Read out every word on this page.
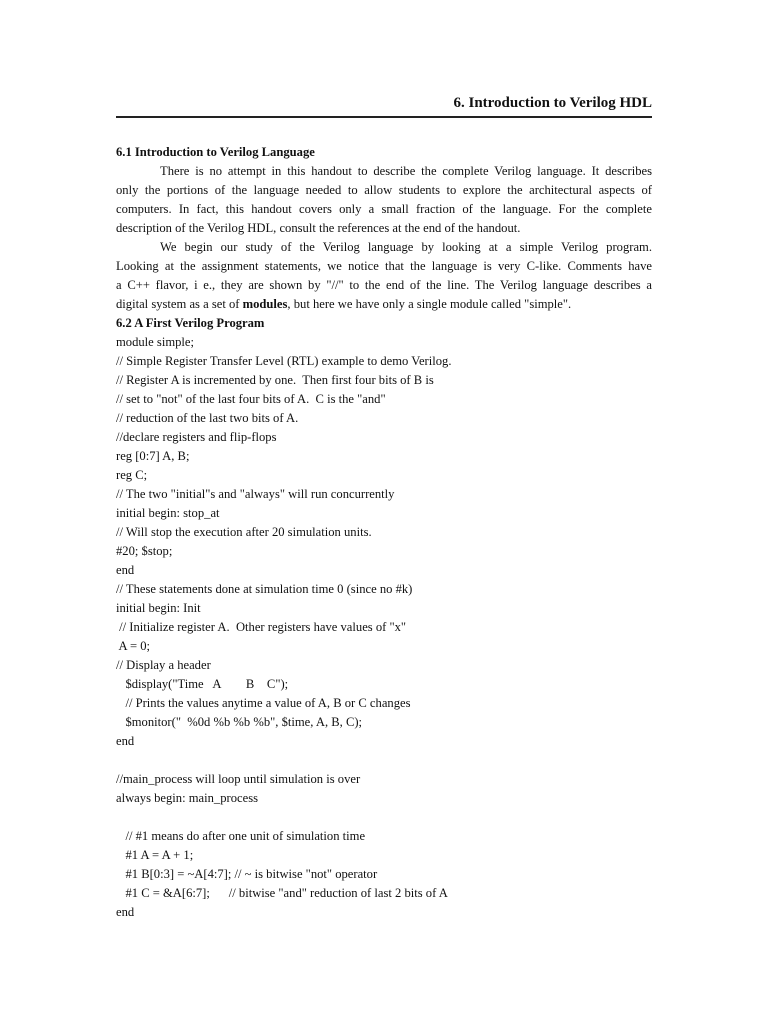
6. Introduction to Verilog HDL
6.1 Introduction to Verilog Language
There is no attempt in this handout to describe the complete Verilog language. It describes
only the portions of the language needed to allow students to explore the architectural aspects of
computers. In fact, this handout covers only a small fraction of the language. For the complete
description of the Verilog HDL, consult the references at the end of the handout.
We begin our study of the Verilog language by looking at a simple Verilog program.
Looking at the assignment statements, we notice that the language is very C-like. Comments have
a C++ flavor, i e., they are shown by "//" to the end of the line. The Verilog language describes a
digital system as a set of modules, but here we have only a single module called "simple".
6.2 A First Verilog Program
module simple;
// Simple Register Transfer Level (RTL) example to demo Verilog.
// Register A is incremented by one.  Then first four bits of B is
// set to "not" of the last four bits of A.  C is the "and"
// reduction of the last two bits of A.
//declare registers and flip-flops
reg [0:7] A, B;
reg C;
// The two "initial"s and "always" will run concurrently
initial begin: stop_at
// Will stop the execution after 20 simulation units.
#20; $stop;
end
// These statements done at simulation time 0 (since no #k)
initial begin: Init
// Initialize register A.  Other registers have values of "x"
A = 0;
// Display a header
$display("Time   A        B    C");
// Prints the values anytime a value of A, B or C changes
$monitor("  %0d %b %b %b", $time, A, B, C);
end
//main_process will loop until simulation is over
always begin: main_process
// #1 means do after one unit of simulation time
#1 A = A + 1;
#1 B[0:3] = ~A[4:7]; // ~ is bitwise "not" operator
#1 C = &A[6:7];      // bitwise "and" reduction of last 2 bits of A
end
